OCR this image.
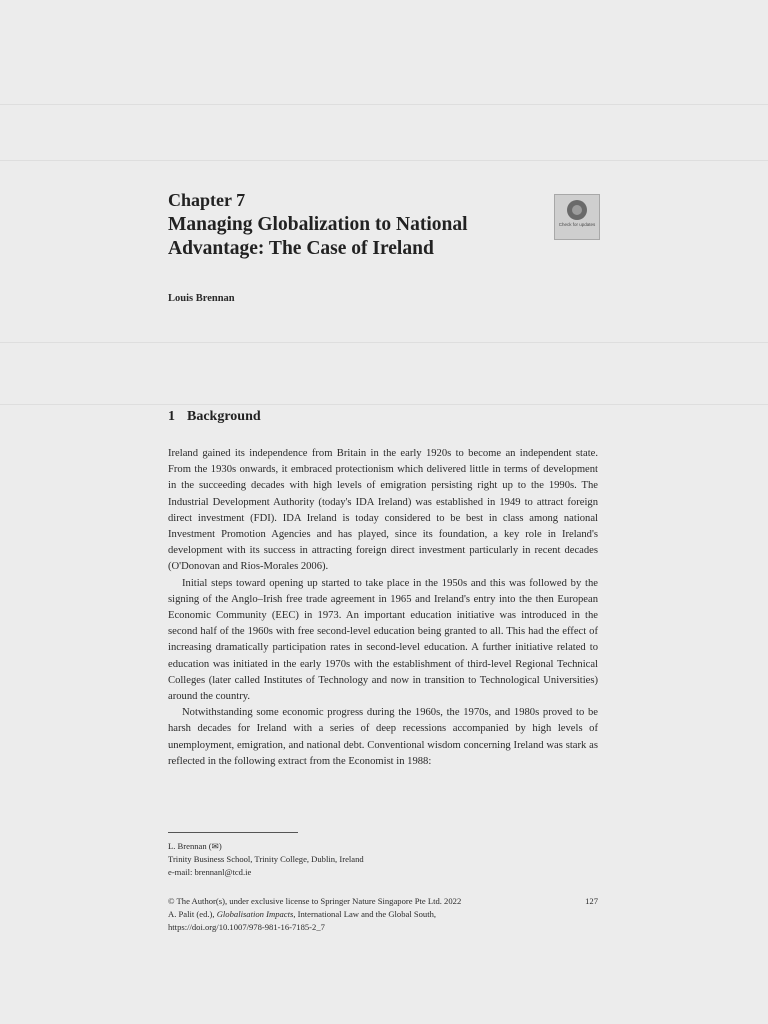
Chapter 7
Managing Globalization to National Advantage: The Case of Ireland
Check for updates
Louis Brennan
1 Background

Ireland gained its independence from Britain in the early 1920s to become an independent state. From the 1930s onwards, it embraced protectionism which delivered little in terms of development in the succeeding decades with high levels of emigration persisting right up to the 1990s. The Industrial Development Authority (today's IDA Ireland) was established in 1949 to attract foreign direct investment (FDI). IDA Ireland is today considered to be best in class among national Investment Promotion Agencies and has played, since its foundation, a key role in Ireland's development with its success in attracting foreign direct investment particularly in recent decades (O'Donovan and Rios-Morales 2006).

Initial steps toward opening up started to take place in the 1950s and this was followed by the signing of the Anglo–Irish free trade agreement in 1965 and Ireland's entry into the then European Economic Community (EEC) in 1973. An important education initiative was introduced in the second half of the 1960s with free second-level education being granted to all. This had the effect of increasing dramatically participation rates in second-level education. A further initiative related to education was initiated in the early 1970s with the establishment of third-level Regional Technical Colleges (later called Institutes of Technology and now in transition to Technological Universities) around the country.

Notwithstanding some economic progress during the 1960s, the 1970s, and 1980s proved to be harsh decades for Ireland with a series of deep recessions accompanied by high levels of unemployment, emigration, and national debt. Conventional wisdom concerning Ireland was stark as reflected in the following extract from the Economist in 1988:

L. Brennan (✉)
Trinity Business School, Trinity College, Dublin, Ireland
e-mail: brennanl@tcd.ie
© The Author(s), under exclusive license to Springer Nature Singapore Pte Ltd. 2022	127
A. Palit (ed.), Globalisation Impacts, International Law and the Global South,
https://doi.org/10.1007/978-981-16-7185-2_7
